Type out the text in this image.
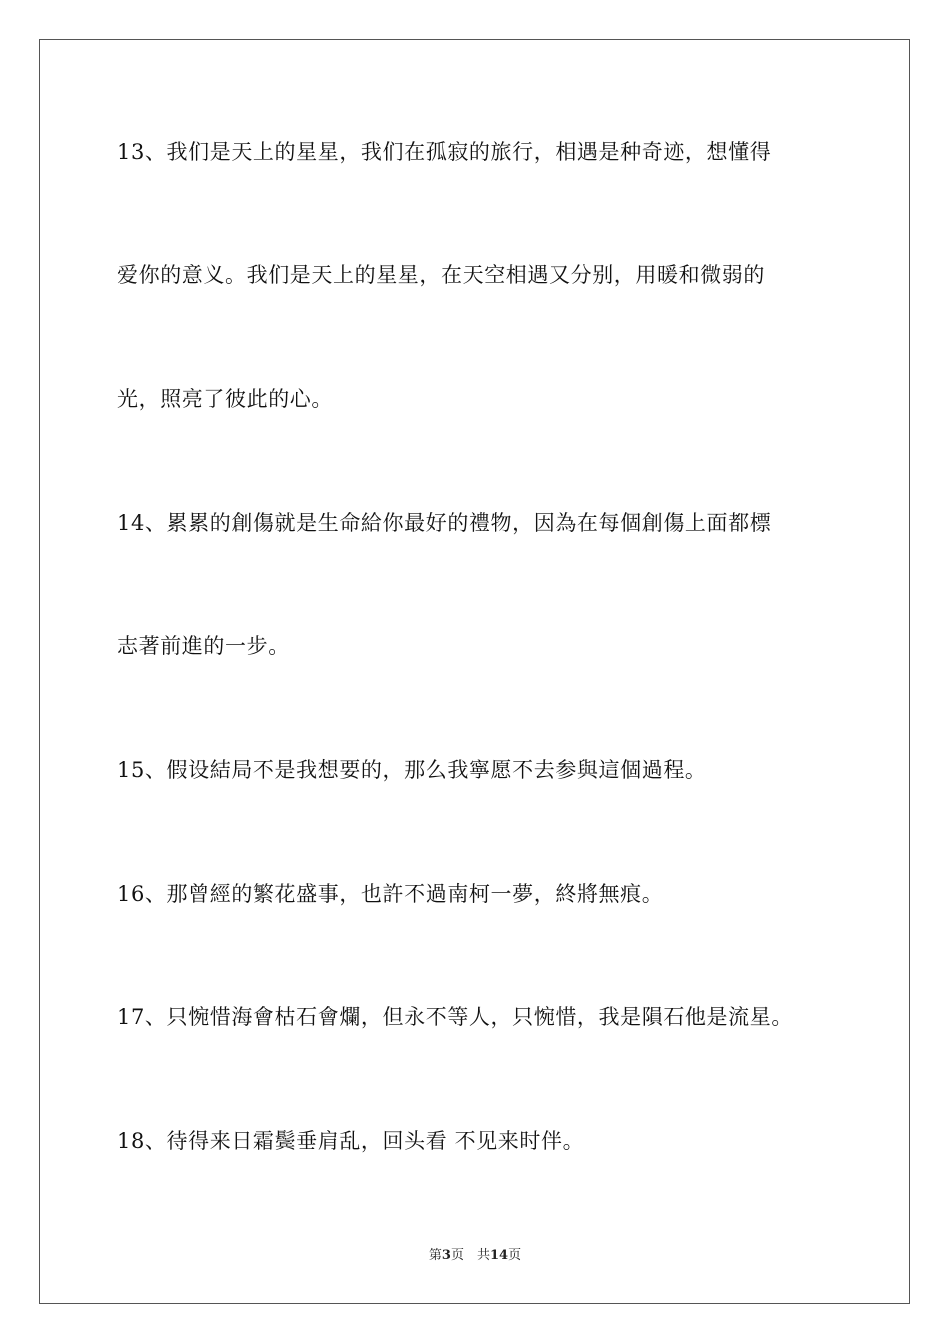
13、我们是天上的星星，我们在孤寂的旅行，相遇是种奇迹，想懂得
爱你的意义。我们是天上的星星，在天空相遇又分别，用暖和微弱的
光，照亮了彼此的心。
14、累累的創傷就是生命給你最好的禮物，因為在每個創傷上面都標
志著前進的一步。
15、假设結局不是我想要的，那么我寧愿不去参與這個過程。
16、那曾經的繁花盛事，也許不過南柯一夢，終將無痕。
17、只惋惜海會枯石會爛，但永不等人，只惋惜，我是隕石他是流星。
18、待得来日霜鬓垂肩乱，回头看 不见来时伴。
第3页　共14页
